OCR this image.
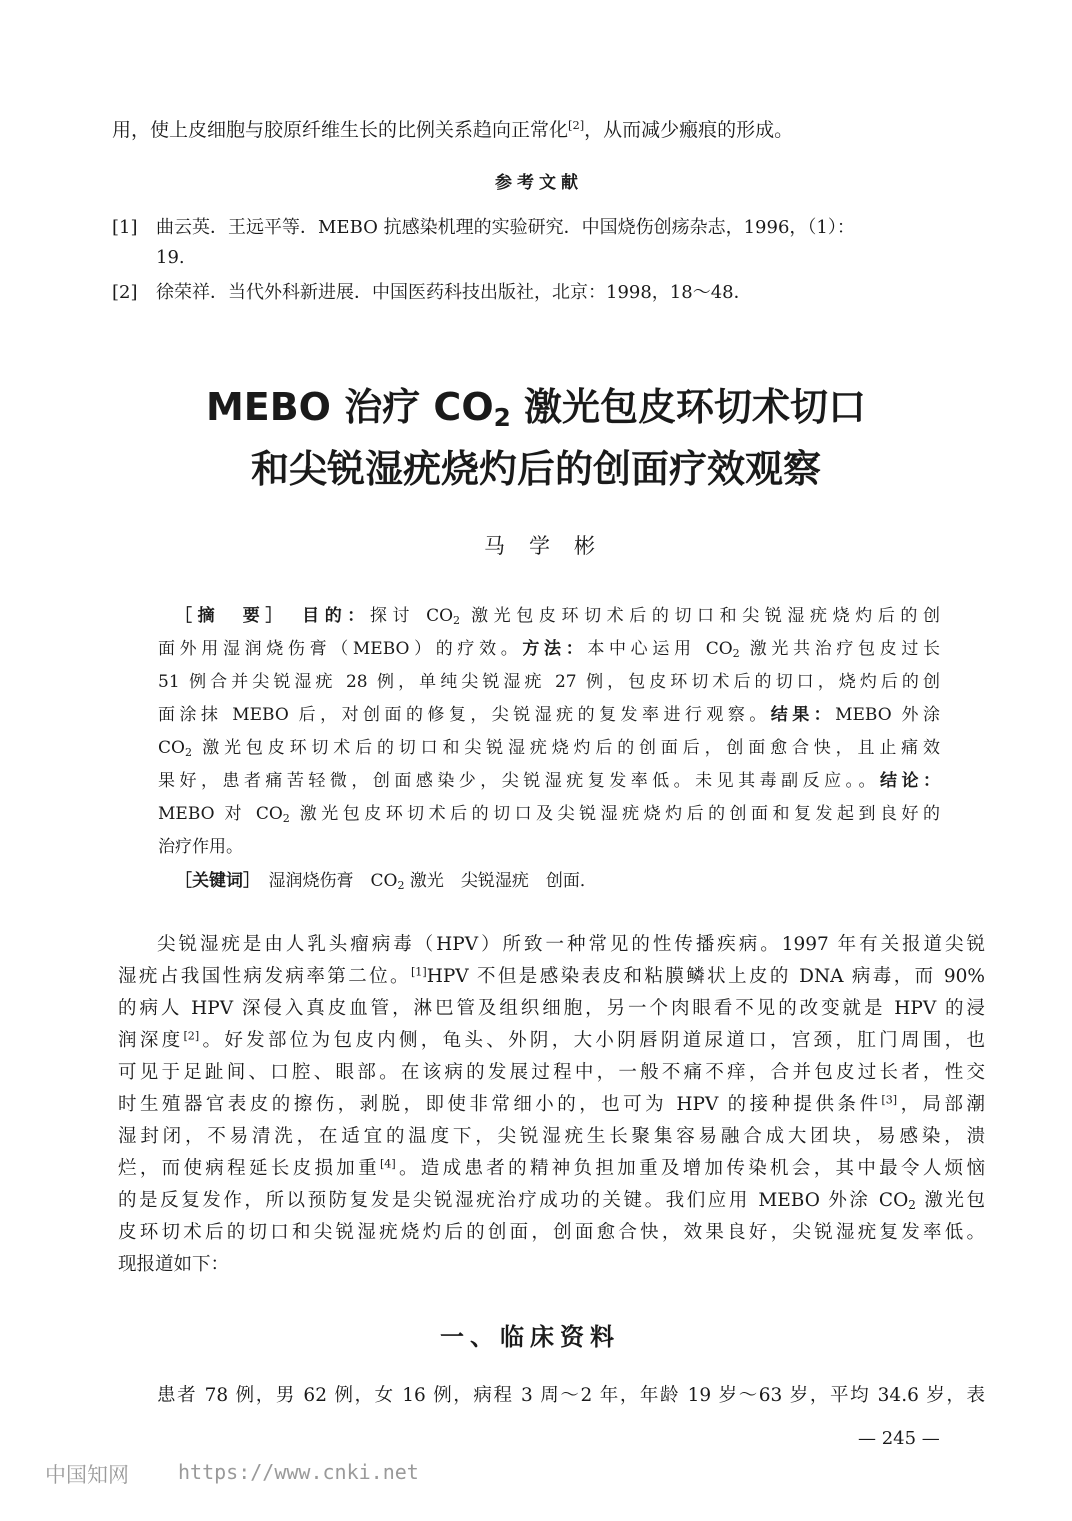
用，使上皮细胞与胶原纤维生长的比例关系趋向正常化[2]，从而减少瘢痕的形成。
参考文献
[1] 曲云英．王远平等．MEBO 抗感染机理的实验研究．中国烧伤创疡杂志，1996，（1）：
19.
[2] 徐荣祥．当代外科新进展．中国医药科技出版社，北京：1998，18～48．
MEBO 治疗 $CO_2$ 激光包皮环切术切口
和尖锐湿疣烧灼后的创面疗效观察
马学彬
［摘　要］　 目的：探讨 $CO_2$ 激光包皮环切术后的切口和尖锐湿疣烧灼后的创
面外用湿润烧伤膏（MEBO）的疗效。方法：本中心运用 $CO_2$ 激光共治疗包皮过长
51 例合并尖锐湿疣 28 例，单纯尖锐湿疣 27 例，包皮环切术后的切口，烧灼后的创
面涂抹 MEBO 后，对创面的修复，尖锐湿疣的复发率进行观察。结果：MEBO 外涂
$CO_2$ 激光包皮环切术后的切口和尖锐湿疣烧灼后的创面后，创面愈合快，且止痛效
果好，患者痛苦轻微，创面感染少，尖锐湿疣复发率低。未见其毒副反应。。结论：
MEBO 对 $CO_2$ 激光包皮环切术后的切口及尖锐湿疣烧灼后的创面和复发起到良好的
治疗作用。
［关键词］　 湿润烧伤膏　 $CO_2$ 激光　 尖锐湿疣　 创面．
尖锐湿疣是由人乳头瘤病毒（HPV）所致一种常见的性传播疾病。1997 年有关报道尖锐
湿疣占我国性病发病率第二位。[1]HPV 不但是感染表皮和粘膜鳞状上皮的 DNA 病毒，而 90%
的病人 HPV 深侵入真皮血管，淋巴管及组织细胞，另一个肉眼看不见的改变就是 HPV 的浸
润深度[2]。好发部位为包皮内侧，龟头、外阴，大小阴唇阴道尿道口，宫颈，肛门周围，也
可见于足趾间、口腔、眼部。在该病的发展过程中，一般不痛不痒，合并包皮过长者，性交
时生殖器官表皮的擦伤，剥脱，即使非常细小的，也可为 HPV 的接种提供条件[3]，局部潮
湿封闭，不易清洗，在适宜的温度下，尖锐湿疣生长聚集容易融合成大团块，易感染，溃
烂，而使病程延长皮损加重[4]。造成患者的精神负担加重及增加传染机会，其中最令人烦恼
的是反复发作，所以预防复发是尖锐湿疣治疗成功的关键。我们应用 MEBO 外涂 $CO_2$ 激光包
皮环切术后的切口和尖锐湿疣烧灼后的创面，创面愈合快，效果良好，尖锐湿疣复发率低。
现报道如下：
一、临床资料
患者 78 例，男 62 例，女 16 例，病程 3 周～2 年，年龄 19 岁～63 岁，平均 34.6 岁，表
— 245 —
中国知网 https://www.cnki.net
